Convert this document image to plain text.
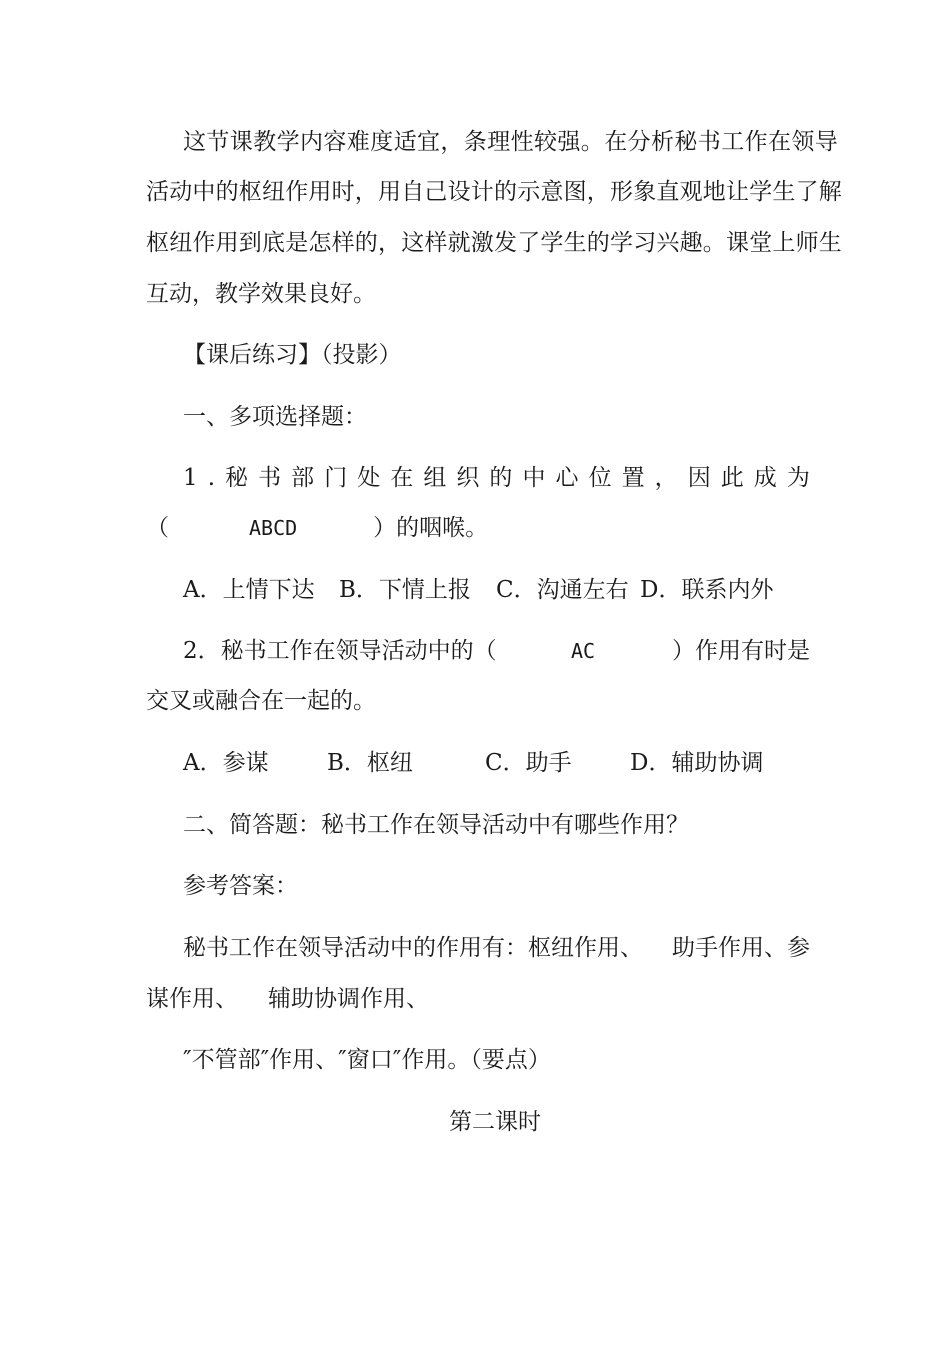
这节课教学内容难度适宜，条理性较强。在分析秘书工作在领导
活动中的枢纽作用时，用自己设计的示意图，形象直观地让学生了解
枢纽作用到底是怎样的，这样就激发了学生的学习兴趣。课堂上师生
互动，教学效果良好。
【课后练习】（投影）
一、多项选择题：
1 . 秘 书 部 门 处 在 组 织 的 中 心 位 置 ， 因 此 成 为
（	ABCD	）的咽喉。
A．上情下达 B．下情上报 C．沟通左右 D．联系内外
2．秘书工作在领导活动中的（	AC	）作用有时是
交叉或融合在一起的。
A．参谋	B．枢纽	C．助手	D．辅助协调
二、简答题：秘书工作在领导活动中有哪些作用？
参考答案：
秘书工作在领导活动中的作用有：枢纽作用、 助手作用、参
谋作用、 辅助协调作用、
″不管部″作用、″窗口″作用。（要点）
第二课时
